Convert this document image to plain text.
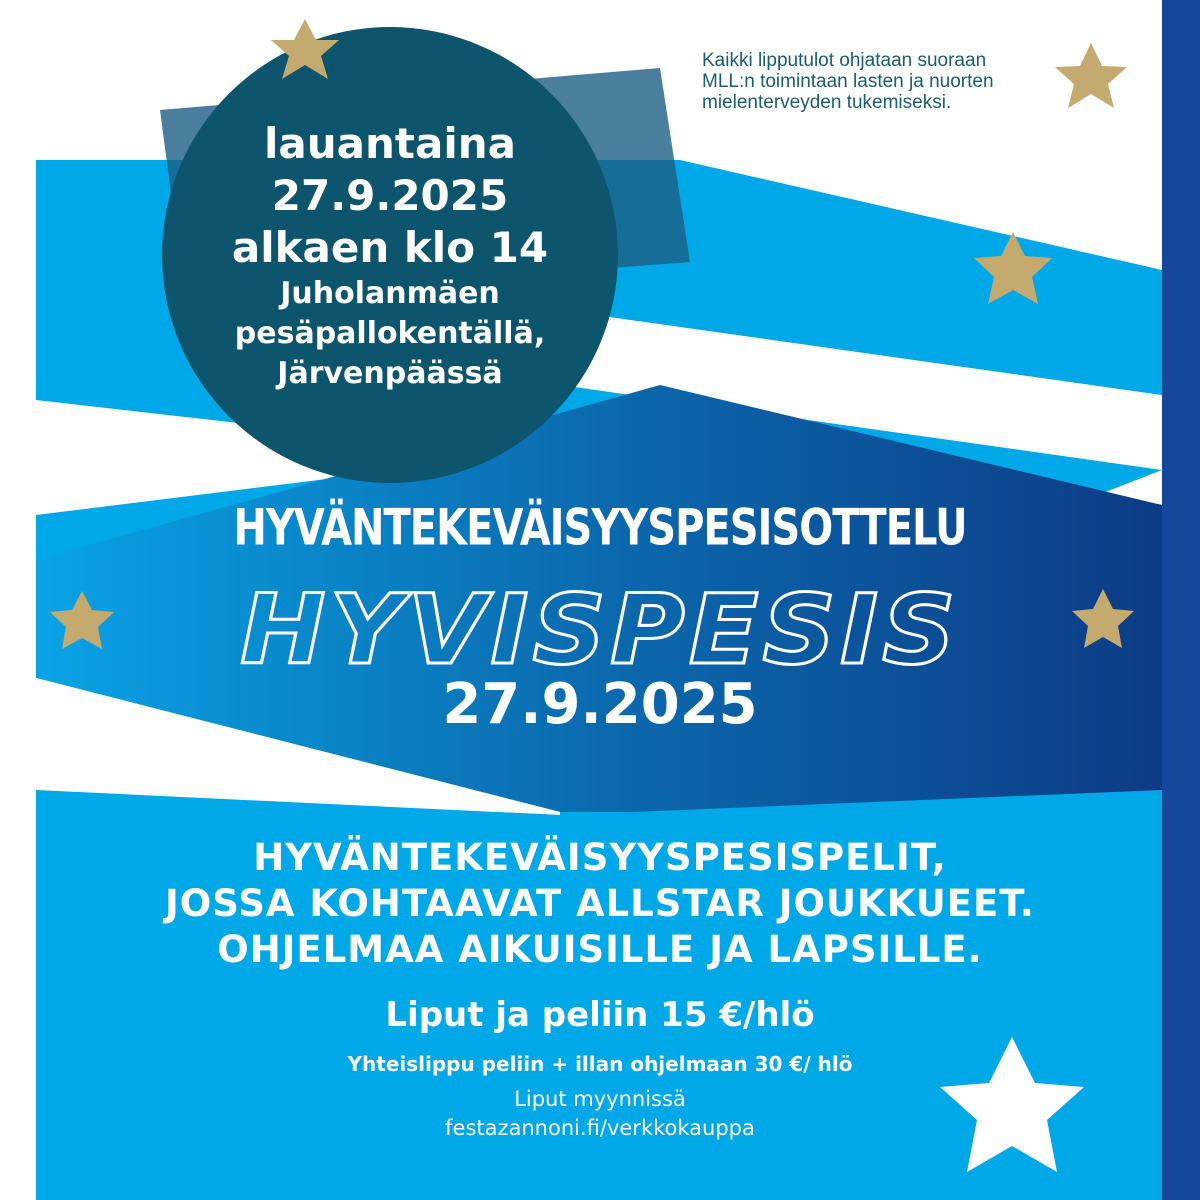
HYVISPESIS
Kaikki lipputulot ohjataan suoraan
MLL:n toimintaan lasten ja nuorten
mielenterveyden tukemiseksi.
lauantaina
27.9.2025
alkaen klo 14
Juholanmäen
pesäpallokentällä,
Järvenpäässä
HYVÄNTEKEVÄISYYSPESISOTTELU
27.9.2025
HYVÄNTEKEVÄISYYSPESISPELIT,
JOSSA KOHTAAVAT ALLSTAR JOUKKUEET.
OHJELMAA AIKUISILLE JA LAPSILLE.
Liput ja peliin 15 €/hlö
Yhteislippu peliin + illan ohjelmaan 30 €/ hlö
Liput myynnissä
festazannoni.fi/verkkokauppa
